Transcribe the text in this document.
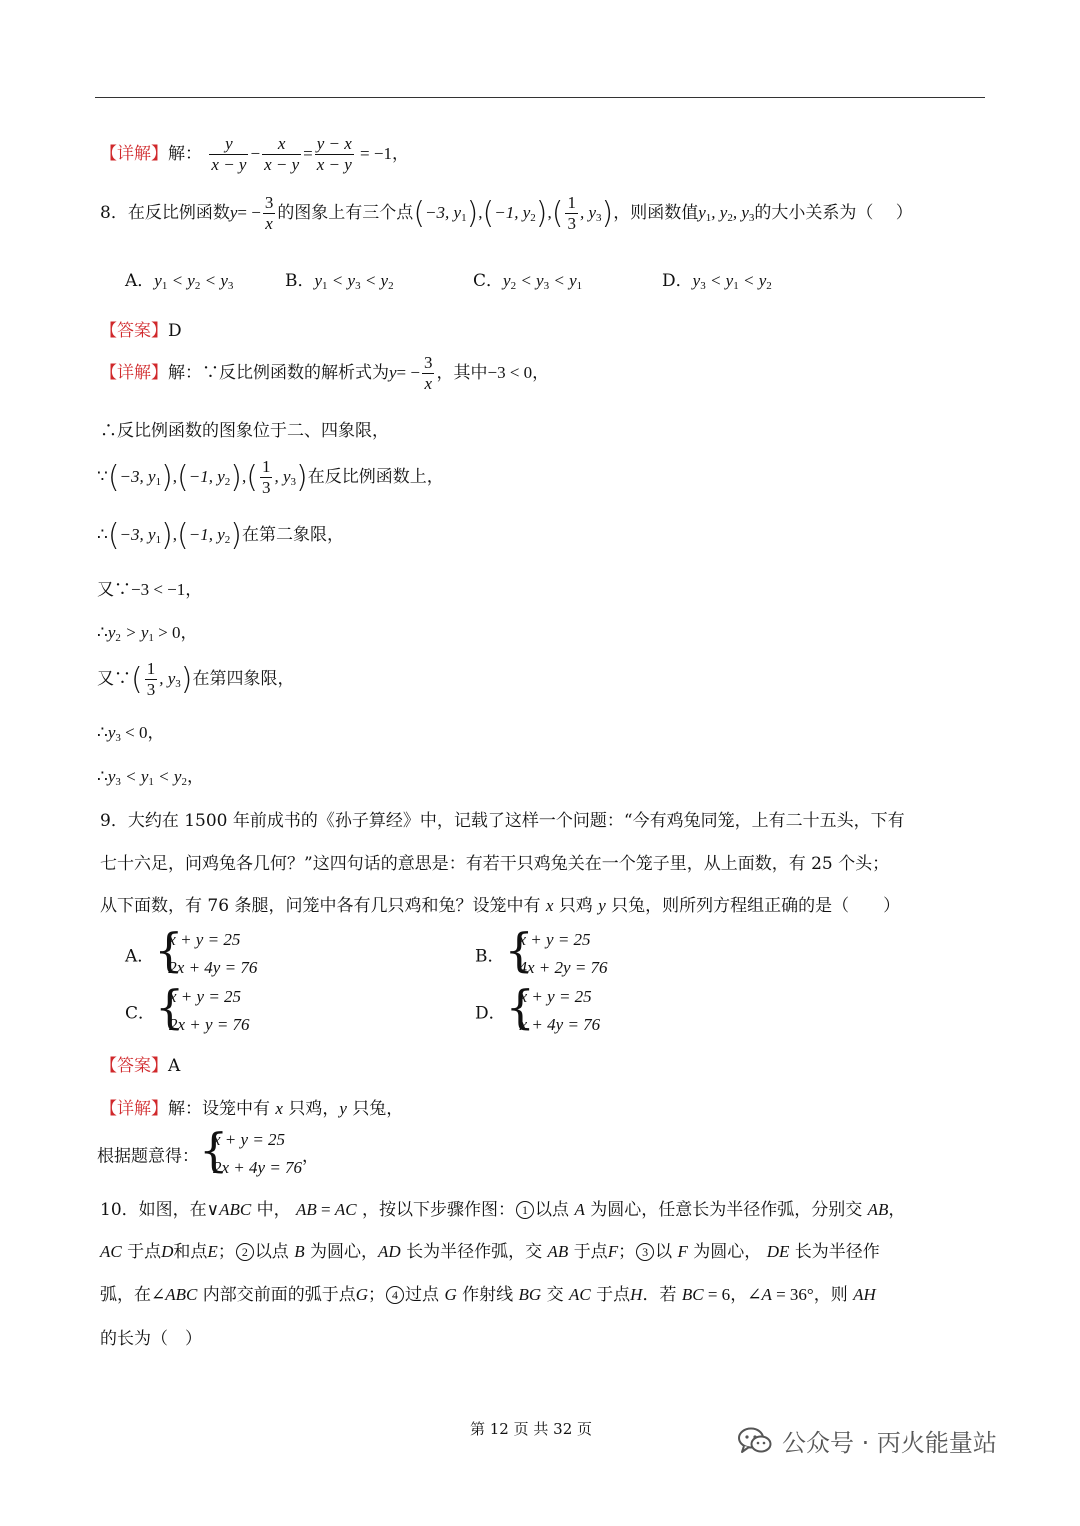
【详解】解： $\frac{y}{x - y} - \frac{x}{x - y} = \frac{y - x}{x - y} = -1$，
8．在反比例函数$y= - \frac{3}{x}$ 的图象上有三个点(−3, $y_1),(-1$, $y_2),( \frac{1}{3}$ , $y_3$)，则函数值$y_1$, $y_2$, $y_3$的大小关系为（　 ）
A．$y_1 < y_2 < y_3$	B．$y_1 < y_3 < y_2$	C．$y_2 < y_3 < y_1$	D．$y_3 < y_1 < y_2$
【答案】D
【详解】解：∵反比例函数的解析式为$y= - \frac{3}{x}$ ，其中−3 < 0，
∴反比例函数的图象位于二、四象限，
∵(−3, $y_1),(-1$, $y_2),( \frac{1}{3}$ , $y_3$)在反比例函数上，
∴(−3, $y_1),(-1$, $y_2$)在第二象限，
又∵−3 < −1，
$\therefore y_2 > y_1 > 0$，
又∵( $\frac{1}{3}$ , $y_3$)在第四象限，
$\therefore y_3 < 0$，
$\therefore y_3 < y_1 < y_2$，
9．大约在 1500 年前成书的《孙子算经》中，记载了这样一个问题：“今有鸡兔同笼，上有二十五头，下有
七十六足，问鸡兔各几何？”这四句话的意思是：有若干只鸡兔关在一个笼子里，从上面数，有 25 个头；
从下面数，有 76 条腿，问笼中各有几只鸡和兔？设笼中有 x 只鸡 y 只兔，则所列方程组正确的是（　　）
A． {
x + y = 25
2x + 4y = 76
B． {
x + y = 25
4x + 2y = 76
C． {
x + y = 25
2x + y = 76
D． {
x + y = 25
x + 4y = 76
【答案】A
【详解】解：设笼中有 x 只鸡，y 只兔，
根据题意得： {
x + y = 25
2x + 4y = 76
，
10．如图，在∨ABC 中， AB = AC ，按以下步骤作图： 1 以点 A 为圆心，任意长为半径作弧，分别交 AB，
AC 于点D和点E； 2 以点 B 为圆心，AD 长为半径作弧，交 AB 于点F； 3 以 F 为圆心， DE 长为半径作
弧，在∠ABC 内部交前面的弧于点G； 4 过点 G 作射线 BG 交 AC 于点H．若 BC = 6，∠A = 36°，则 AH
的长为（　）
第 12 页 共 32 页	公众号 · 丙火能量站
